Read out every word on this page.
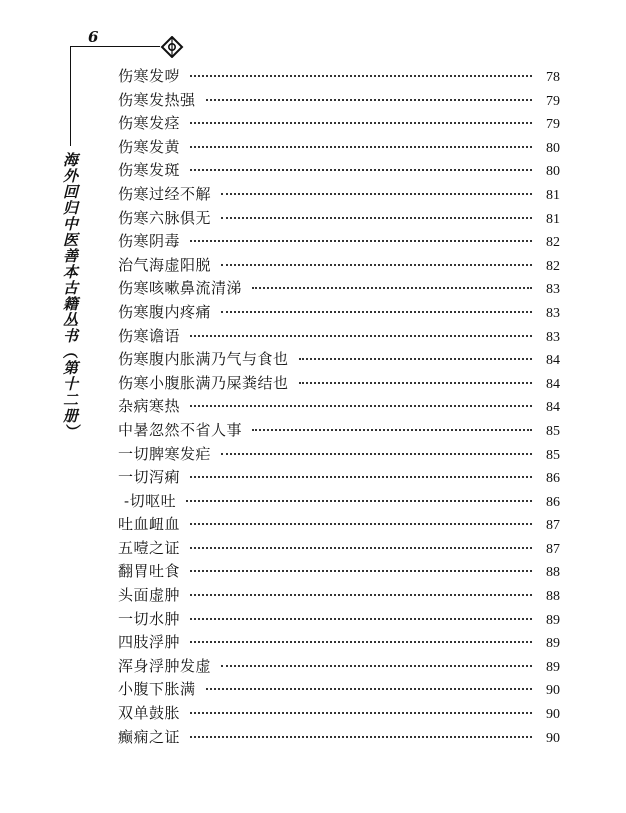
6
海外回归中医善本古籍丛书（第十二册）
伤寒发哕	78
伤寒发热强	79
伤寒发痉	79
伤寒发黄	80
伤寒发斑	80
伤寒过经不解	81
伤寒六脉俱无	81
伤寒阴毒	82
治气海虚阳脱	82
伤寒咳嗽鼻流清涕	83
伤寒腹内疼痛	83
伤寒谵语	83
伤寒腹内胀满乃气与食也	84
伤寒小腹胀满乃屎粪结也	84
杂病寒热	84
中暑忽然不省人事	85
一切脾寒发疟	85
一切泻痢	86
-切呕吐	86
吐血衄血	87
五噎之证	87
翻胃吐食	88
头面虚肿	88
一切水肿	89
四肢浮肿	89
浑身浮肿发虚	89
小腹下胀满	90
双单鼓胀	90
癫痫之证	90
